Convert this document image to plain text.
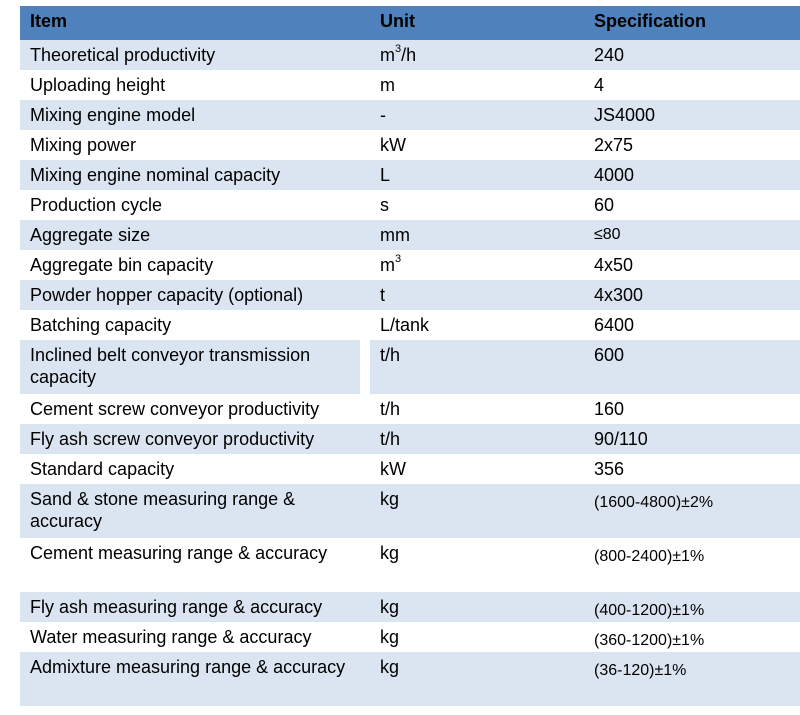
Item	Unit	Specification
Theoretical productivity	$m^3/h$	240
Uploading height	m	4
Mixing engine model	-	JS4000
Mixing power	kW	2x75
Mixing engine nominal capacity	L	4000
Production cycle	s	60
Aggregate size	mm	≤80
Aggregate bin capacity	$m^3$	4x50
Powder hopper capacity (optional)	t	4x300
Batching capacity	L/tank	6400
Inclined belt conveyor transmission capacity	t/h	600
Cement screw conveyor productivity	t/h	160
Fly ash screw conveyor productivity	t/h	90/110
Standard capacity	kW	356
Sand & stone measuring range & accuracy	kg	(1600-4800)±2%
Cement measuring range & accuracy	kg	(800-2400)±1%
Fly ash measuring range & accuracy	kg	(400-1200)±1%
Water measuring range & accuracy	kg	(360-1200)±1%
Admixture measuring range & accuracy	kg	(36-120)±1%
